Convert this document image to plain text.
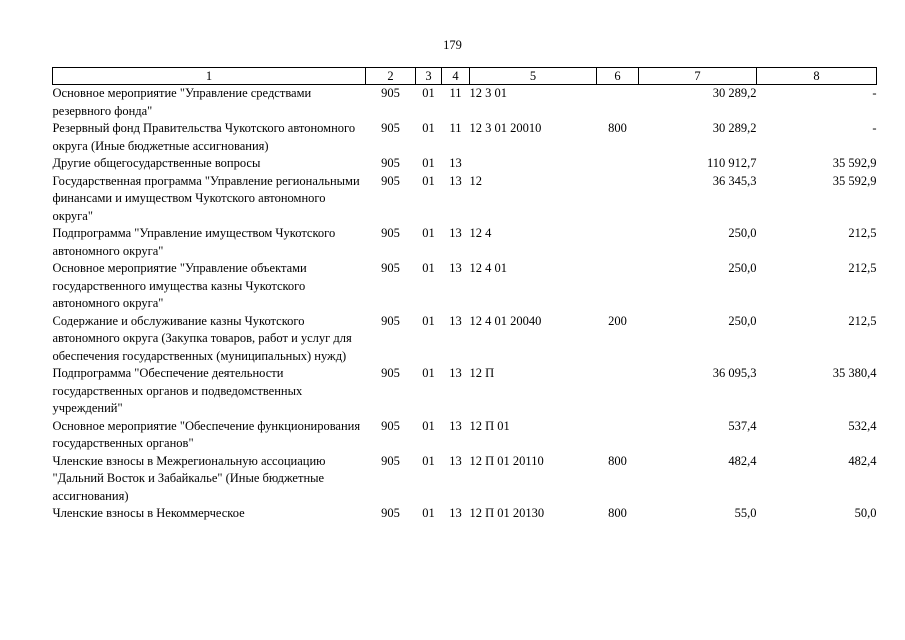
179
1	2	3	4	5	6	7	8
Основное мероприятие "Управление средствами резервного фонда"	905	01	11	12 3 01		30 289,2	-
Резервный фонд Правительства Чукотского автономного округа (Иные бюджетные ассигнования)	905	01	11	12 3 01 20010	800	30 289,2	-
Другие общегосударственные вопросы	905	01	13			110 912,7	35 592,9
Государственная программа "Управление региональными финансами и имуществом Чукотского автономного округа"	905	01	13	12		36 345,3	35 592,9
Подпрограмма "Управление имуществом Чукотского автономного округа"	905	01	13	12 4		250,0	212,5
Основное мероприятие "Управление объектами государственного имущества казны Чукотского автономного округа"	905	01	13	12 4 01		250,0	212,5
Содержание и обслуживание казны Чукотского автономного округа (Закупка товаров, работ и услуг для обеспечения государственных (муниципальных) нужд)	905	01	13	12 4 01 20040	200	250,0	212,5
Подпрограмма "Обеспечение деятельности государственных органов и подведомственных учреждений"	905	01	13	12 П		36 095,3	35 380,4
Основное мероприятие "Обеспечение функционирования государственных органов"	905	01	13	12 П 01		537,4	532,4
Членские взносы в Межрегиональную ассоциацию "Дальний Восток и Забайкалье" (Иные бюджетные ассигнования)	905	01	13	12 П 01 20110	800	482,4	482,4
Членские взносы в Некоммерческое	905	01	13	12 П 01 20130	800	55,0	50,0
